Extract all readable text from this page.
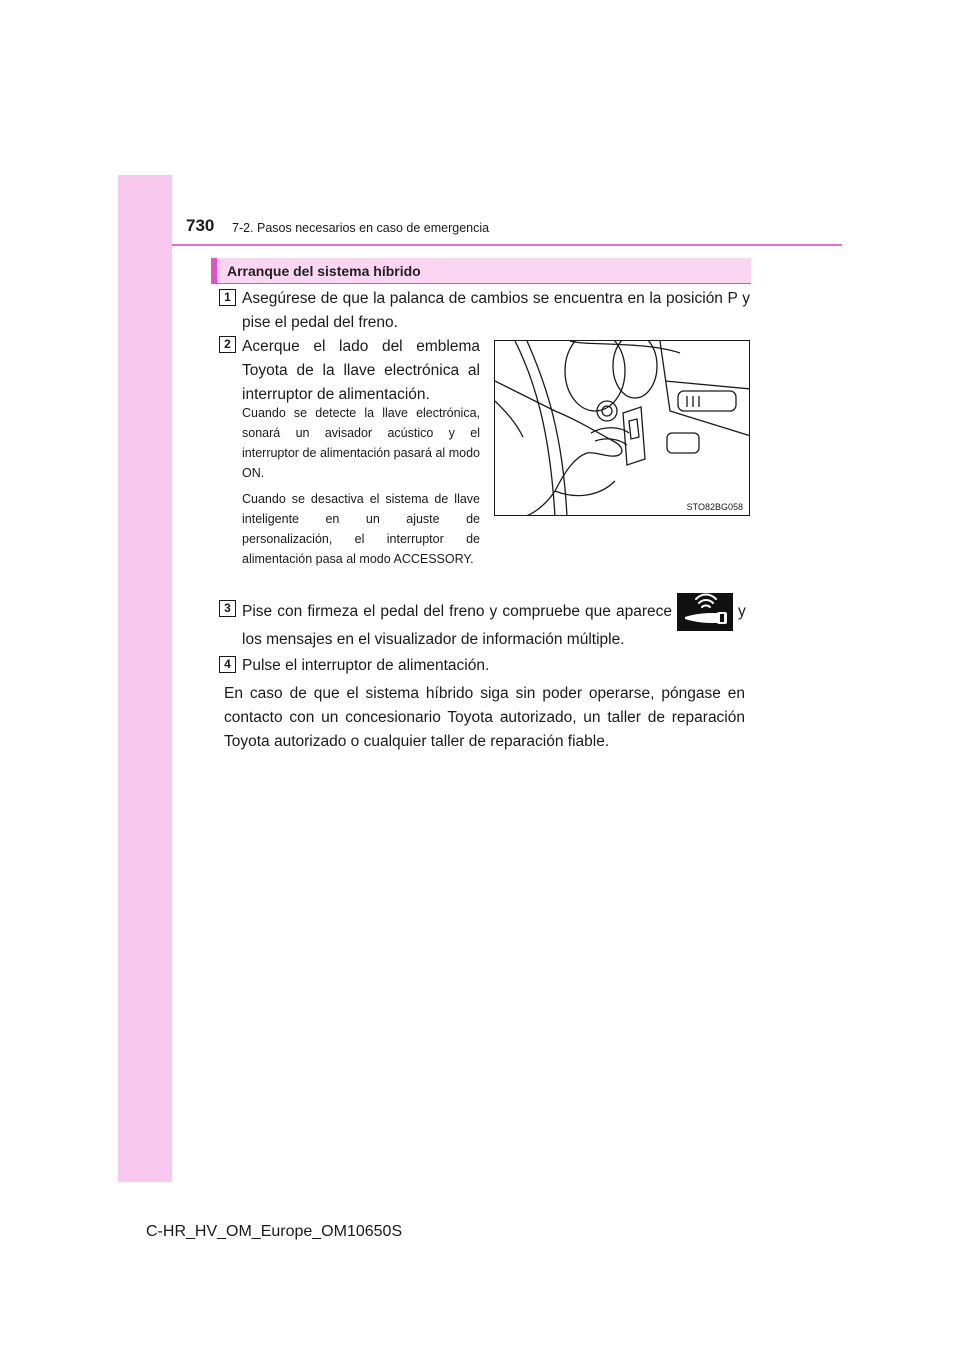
730 7-2. Pasos necesarios en caso de emergencia
Arranque del sistema híbrido
1 Asegúrese de que la palanca de cambios se encuentra en la posición P y pise el pedal del freno.
2 Acerque el lado del emblema Toyota de la llave electrónica al interruptor de alimentación.

Cuando se detecte la llave electrónica, sonará un avisador acústico y el interruptor de alimentación pasará al modo ON.

Cuando se desactiva el sistema de llave inteligente en un ajuste de personalización, el interruptor de alimentación pasa al modo ACCESSORY.

STO82BG058
3 Pise con firmeza el pedal del freno y compruebe que aparece	y
los mensajes en el visualizador de información múltiple.
4 Pulse el interruptor de alimentación.
En caso de que el sistema híbrido siga sin poder operarse, póngase en contacto con un concesionario Toyota autorizado, un taller de reparación Toyota autorizado o cualquier taller de reparación fiable.
C-HR_HV_OM_Europe_OM10650S
